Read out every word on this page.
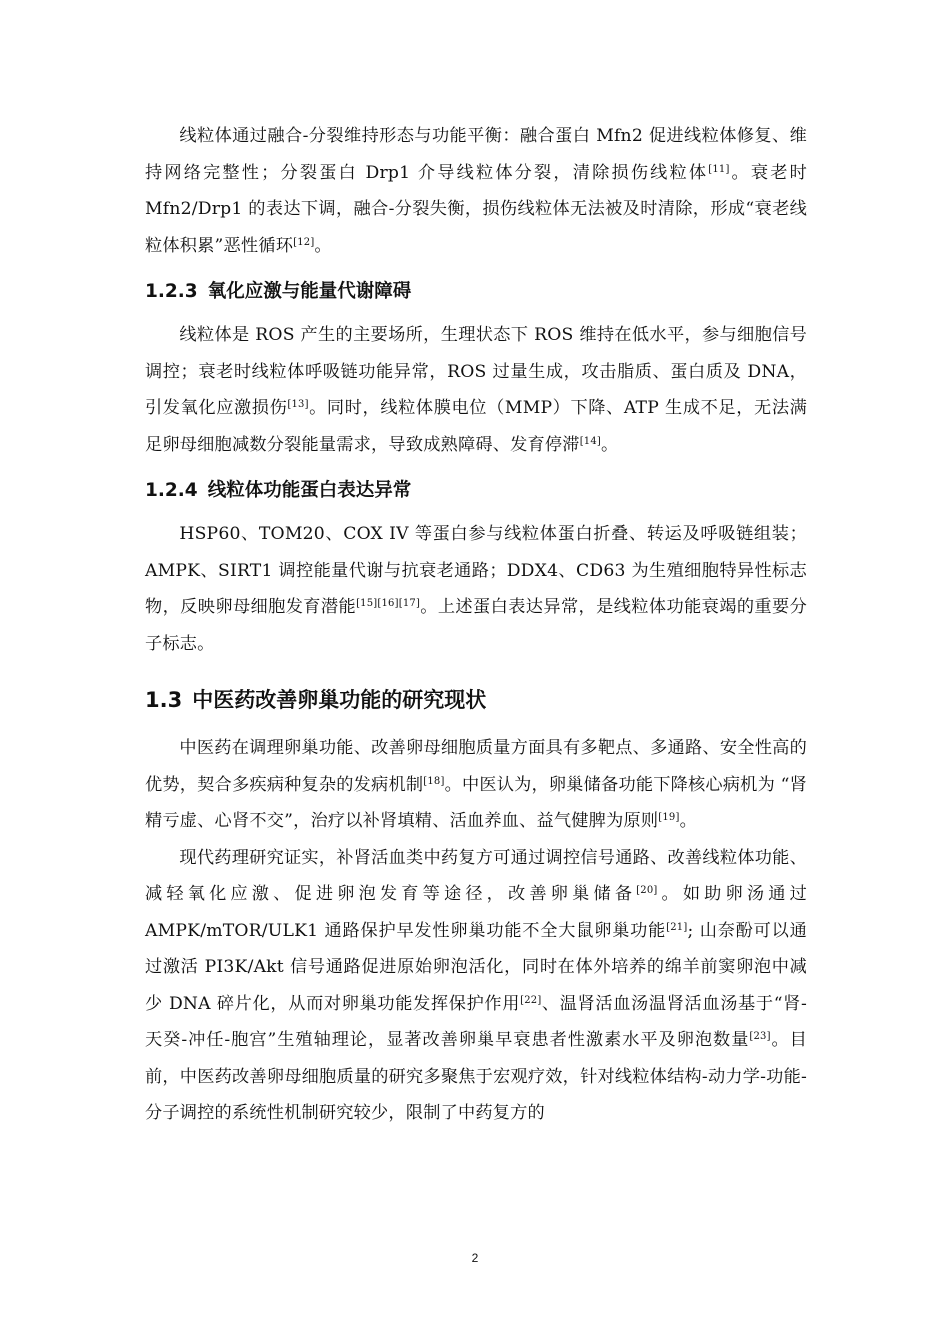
线粒体通过融合-分裂维持形态与功能平衡：融合蛋白 Mfn2 促进线粒体修复、维持网络完整性；分裂蛋白 Drp1 介导线粒体分裂，清除损伤线粒体[11]。衰老时 Mfn2/Drp1 的表达下调，融合-分裂失衡，损伤线粒体无法被及时清除，形成“衰老线粒体积累”恶性循环[12]。

1.2.3 氧化应激与能量代谢障碍

线粒体是 ROS 产生的主要场所，生理状态下 ROS 维持在低水平，参与细胞信号调控；衰老时线粒体呼吸链功能异常，ROS 过量生成，攻击脂质、蛋白质及 DNA，引发氧化应激损伤[13]。同时，线粒体膜电位（MMP）下降、ATP 生成不足，无法满足卵母细胞减数分裂能量需求，导致成熟障碍、发育停滞[14]。

1.2.4 线粒体功能蛋白表达异常

HSP60、TOM20、COX IV 等蛋白参与线粒体蛋白折叠、转运及呼吸链组装；AMPK、SIRT1 调控能量代谢与抗衰老通路；DDX4、CD63 为生殖细胞特异性标志物，反映卵母细胞发育潜能[15][16][17]。上述蛋白表达异常，是线粒体功能衰竭的重要分子标志。

1.3 中医药改善卵巢功能的研究现状

中医药在调理卵巢功能、改善卵母细胞质量方面具有多靶点、多通路、安全性高的优势，契合多疾病种复杂的发病机制[18]。中医认为，卵巢储备功能下降核心病机为 “肾精亏虚、心肾不交”，治疗以补肾填精、活血养血、益气健脾为原则[19]。

现代药理研究证实，补肾活血类中药复方可通过调控信号通路、改善线粒体功能、减轻氧化应激、促进卵泡发育等途径，改善卵巢储备[20]。如助卵汤通过 AMPK/mTOR/ULK1 通路保护早发性卵巢功能不全大鼠卵巢功能[21]; 山奈酚可以通过激活 PI3K/Akt 信号通路促进原始卵泡活化，同时在体外培养的绵羊前窦卵泡中减少 DNA 碎片化，从而对卵巢功能发挥保护作用[22]、温肾活血汤温肾活血汤基于“肾-天癸-冲任-胞宫”生殖轴理论，显著改善卵巢早衰患者性激素水平及卵泡数量[23]。目前，中医药改善卵母细胞质量的研究多聚焦于宏观疗效，针对线粒体结构-动力学-功能-分子调控的系统性机制研究较少，限制了中药复方的

2
